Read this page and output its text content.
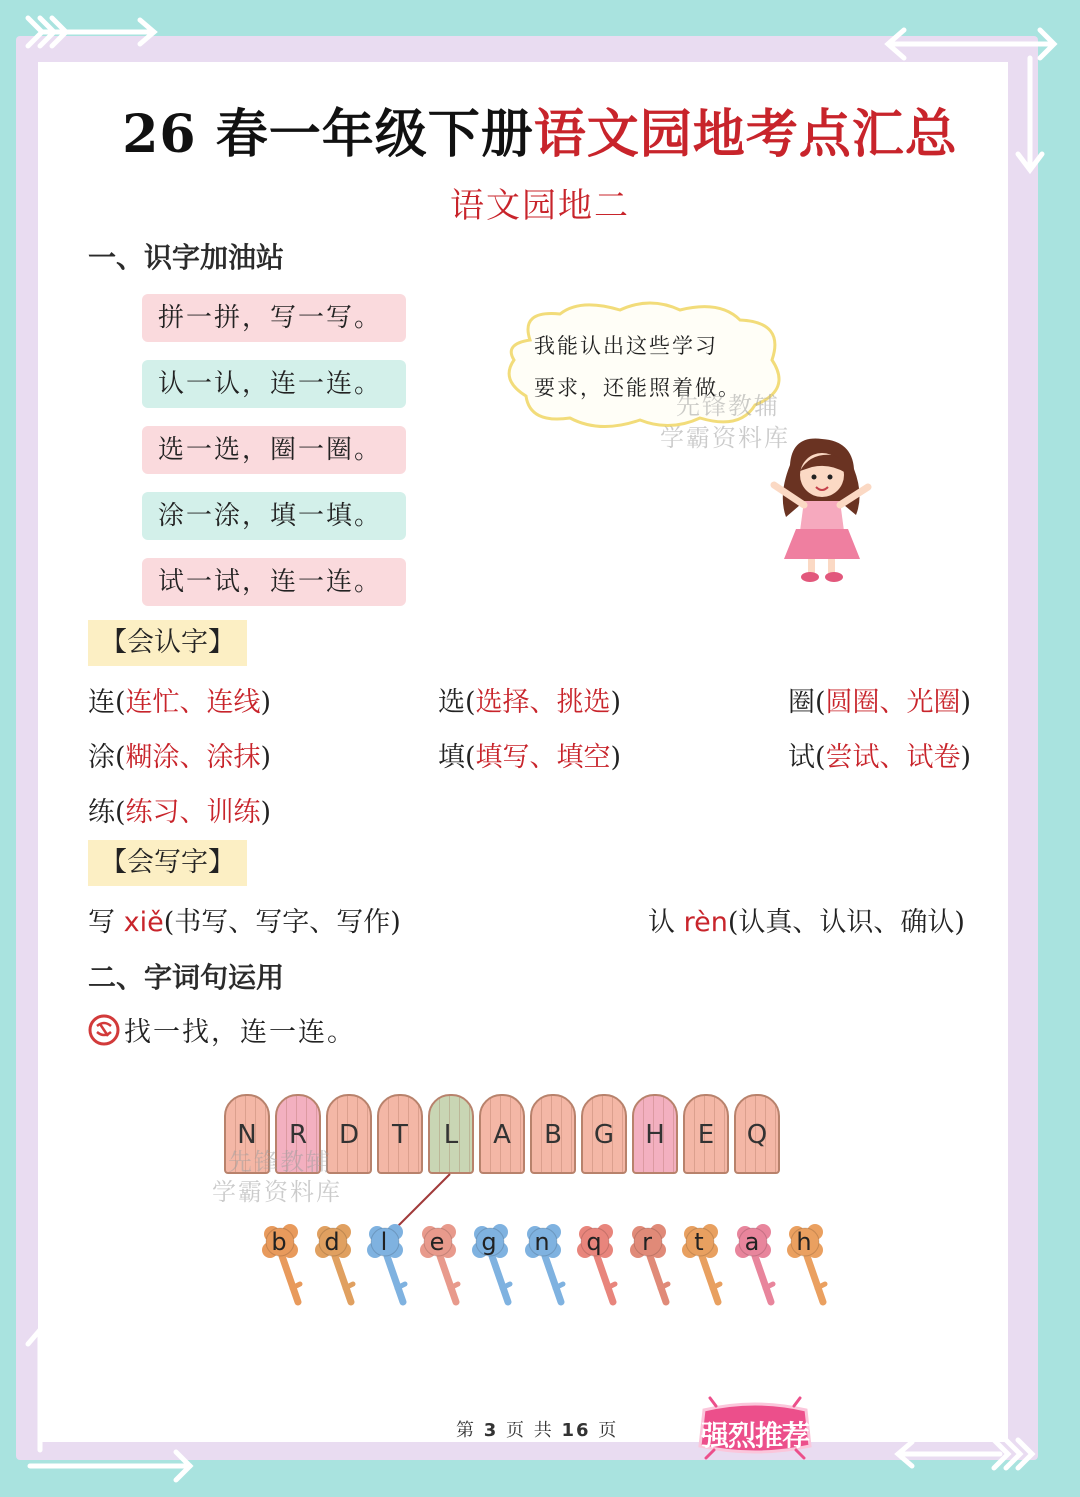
26 春一年级下册语文园地考点汇总
语文园地二
一、识字加油站
拼一拼，写一写。
认一认，连一连。
选一选，圈一圈。
涂一涂，填一填。
试一试，连一连。
我能认出这些学习
要求，还能照着做。
先锋教辅
学霸资料库
【会认字】
连(连忙、连线)	选(选择、挑选)	圈(圆圈、光圈)
涂(糊涂、涂抹)	填(填写、填空)	试(尝试、试卷)
练(练习、训练)
【会写字】
写 xiě(书写、写字、写作)	认 rèn(认真、认识、确认)
二、字词句运用
找一找，连一连。
N	R	D	T	L	A	B	G	H	E	Q
b	d	l	e	g	n	q	r	t	a	h
先锋教辅
学霸资料库
第 3 页 共 16 页	强烈推荐
